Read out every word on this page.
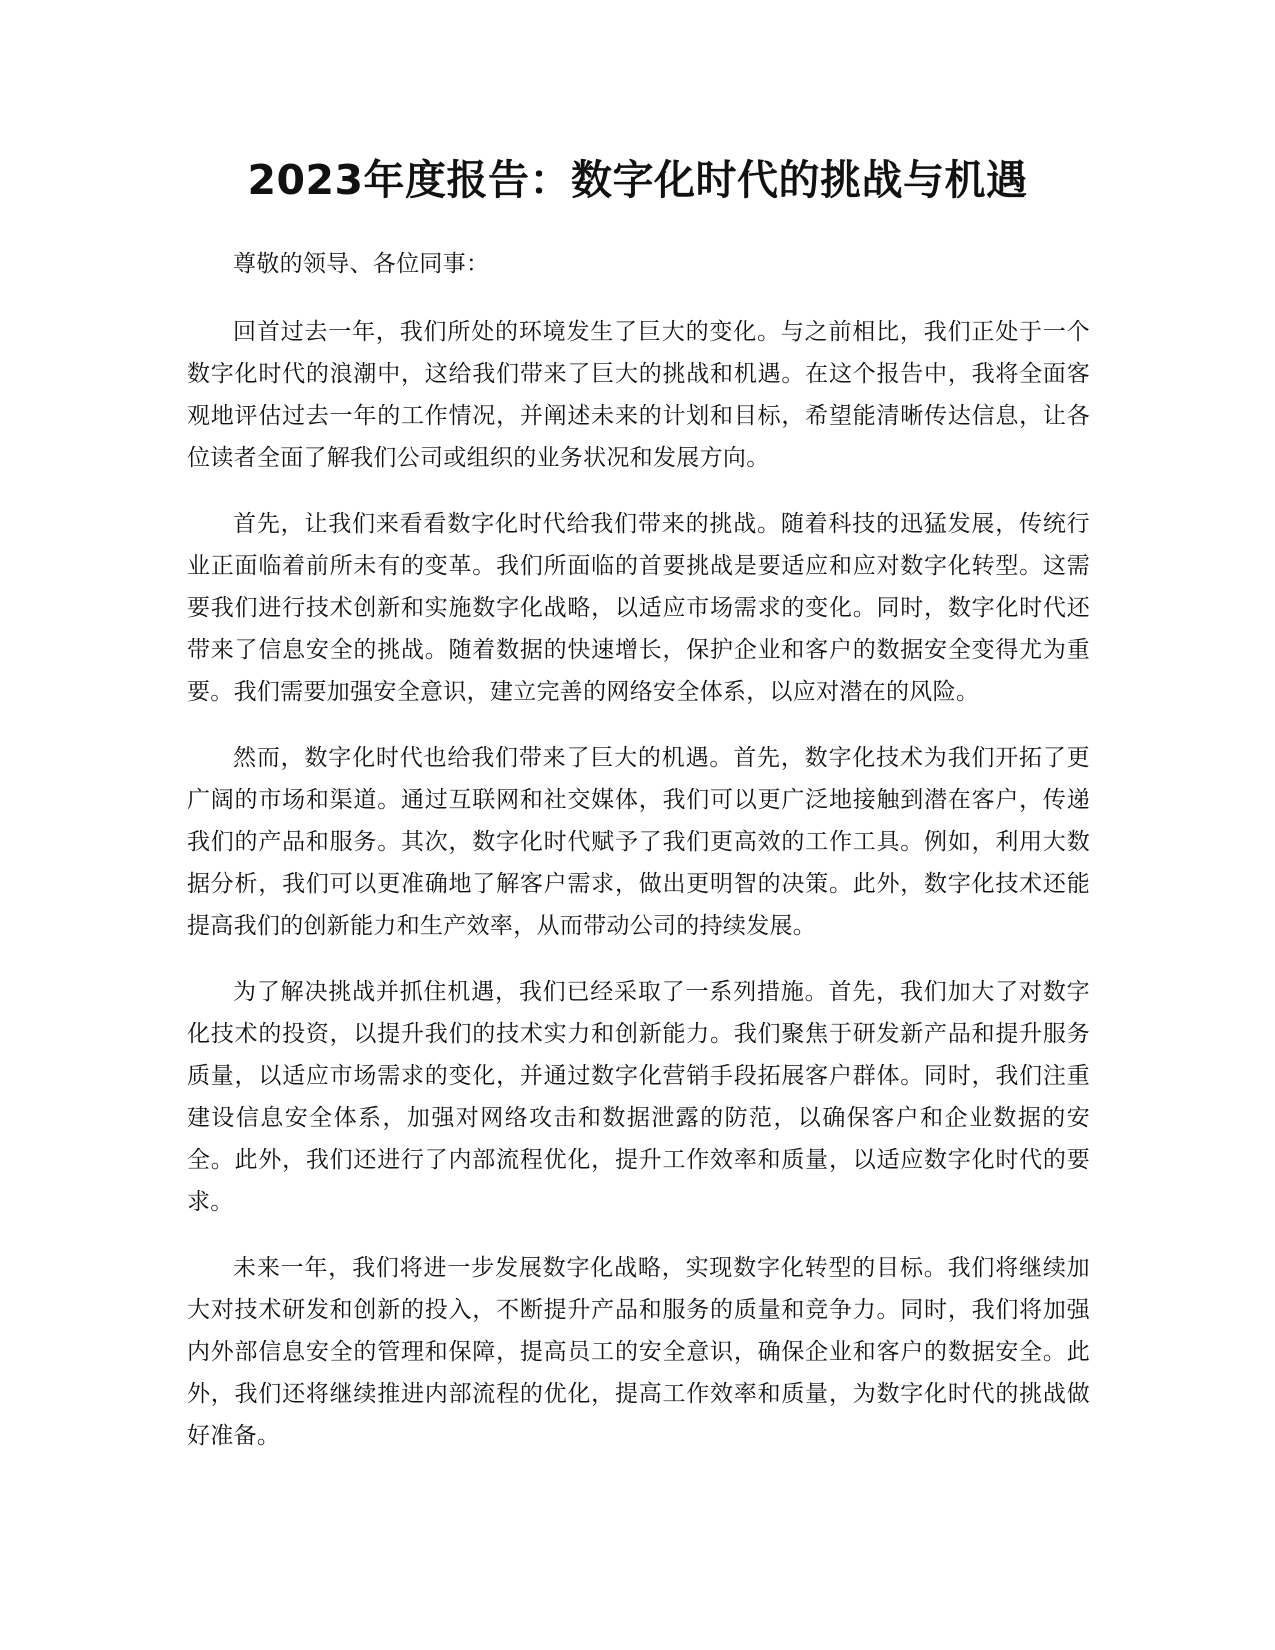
2023年度报告：数字化时代的挑战与机遇

尊敬的领导、各位同事：

回首过去一年，我们所处的环境发生了巨大的变化。与之前相比，我们正处于一个数字化时代的浪潮中，这给我们带来了巨大的挑战和机遇。在这个报告中，我将全面客观地评估过去一年的工作情况，并阐述未来的计划和目标，希望能清晰传达信息，让各位读者全面了解我们公司或组织的业务状况和发展方向。

首先，让我们来看看数字化时代给我们带来的挑战。随着科技的迅猛发展，传统行业正面临着前所未有的变革。我们所面临的首要挑战是要适应和应对数字化转型。这需要我们进行技术创新和实施数字化战略，以适应市场需求的变化。同时，数字化时代还带来了信息安全的挑战。随着数据的快速增长，保护企业和客户的数据安全变得尤为重要。我们需要加强安全意识，建立完善的网络安全体系，以应对潜在的风险。

然而，数字化时代也给我们带来了巨大的机遇。首先，数字化技术为我们开拓了更广阔的市场和渠道。通过互联网和社交媒体，我们可以更广泛地接触到潜在客户，传递我们的产品和服务。其次，数字化时代赋予了我们更高效的工作工具。例如，利用大数据分析，我们可以更准确地了解客户需求，做出更明智的决策。此外，数字化技术还能提高我们的创新能力和生产效率，从而带动公司的持续发展。

为了解决挑战并抓住机遇，我们已经采取了一系列措施。首先，我们加大了对数字化技术的投资，以提升我们的技术实力和创新能力。我们聚焦于研发新产品和提升服务质量，以适应市场需求的变化，并通过数字化营销手段拓展客户群体。同时，我们注重建设信息安全体系，加强对网络攻击和数据泄露的防范，以确保客户和企业数据的安全。此外，我们还进行了内部流程优化，提升工作效率和质量，以适应数字化时代的要求。

未来一年，我们将进一步发展数字化战略，实现数字化转型的目标。我们将继续加大对技术研发和创新的投入，不断提升产品和服务的质量和竞争力。同时，我们将加强内外部信息安全的管理和保障，提高员工的安全意识，确保企业和客户的数据安全。此外，我们还将继续推进内部流程的优化，提高工作效率和质量，为数字化时代的挑战做好准备。
